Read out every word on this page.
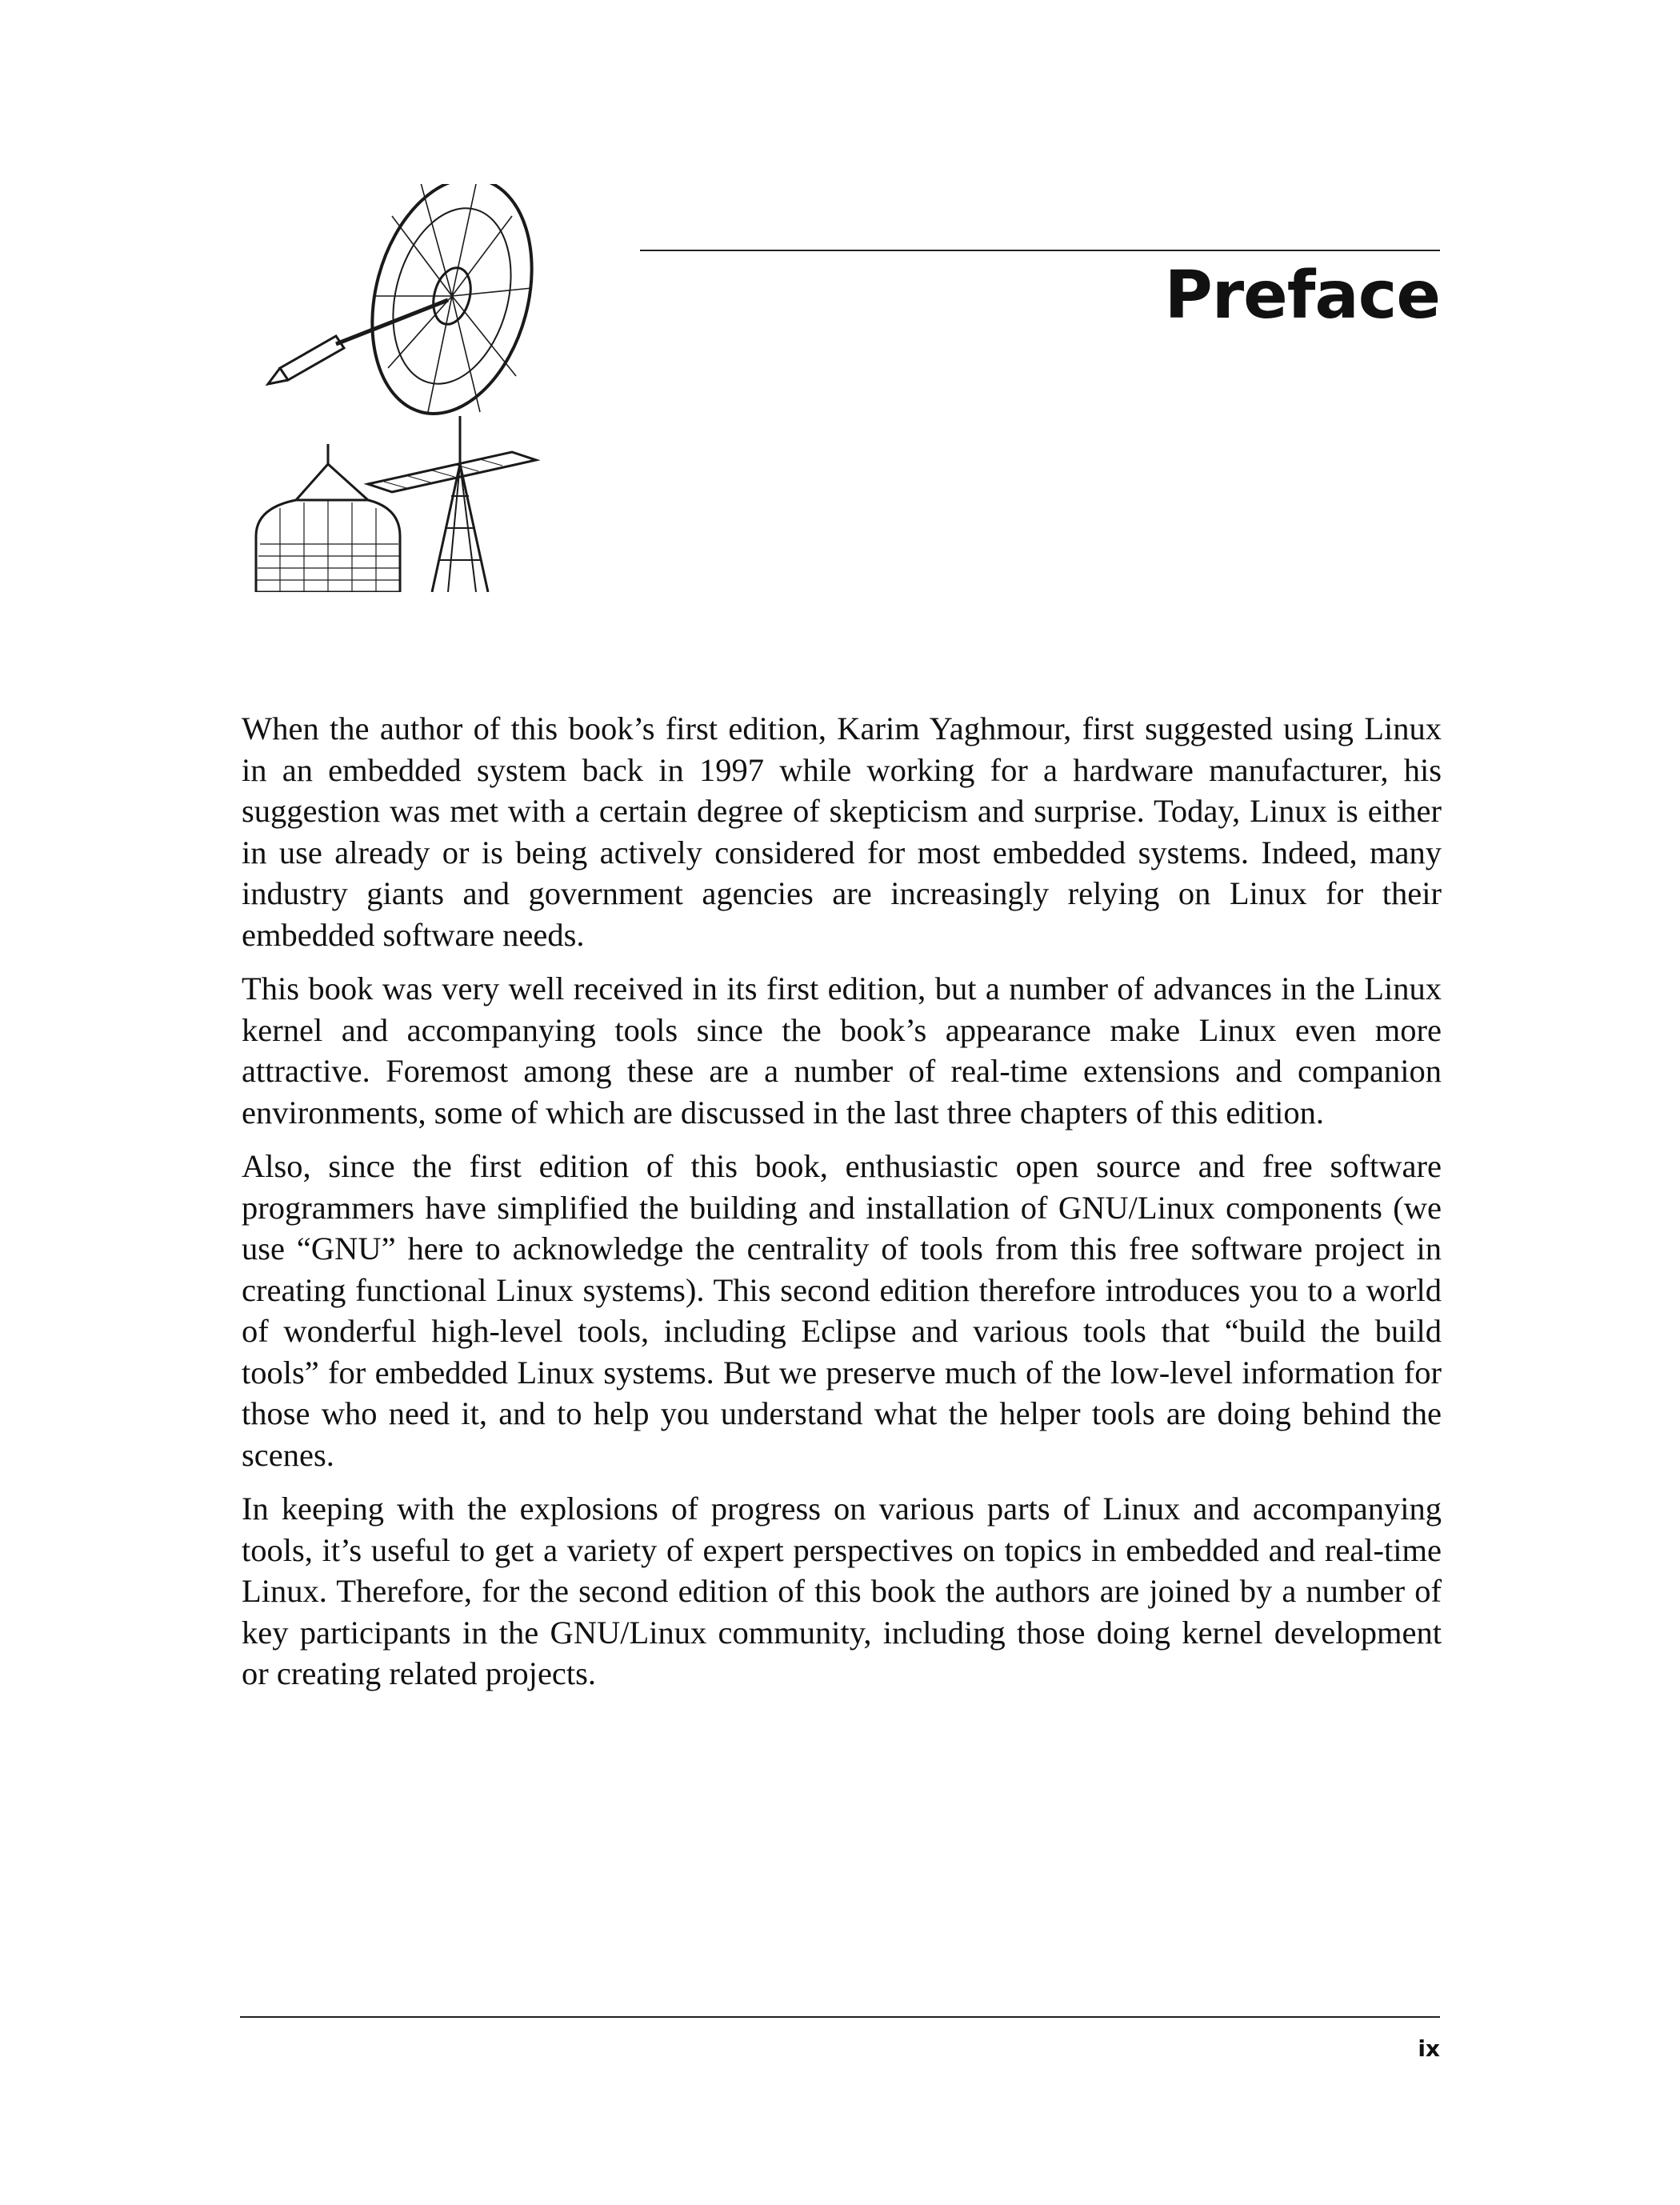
Preface

When the author of this book’s first edition, Karim Yaghmour, first suggested using Linux in an embedded system back in 1997 while working for a hardware manufacturer, his suggestion was met with a certain degree of skepticism and surprise. Today, Linux is either in use already or is being actively considered for most embedded systems. Indeed, many industry giants and government agencies are increasingly relying on Linux for their embedded software needs.

This book was very well received in its first edition, but a number of advances in the Linux kernel and accompanying tools since the book’s appearance make Linux even more attractive. Foremost among these are a number of real-time extensions and companion environments, some of which are discussed in the last three chapters of this edition.

Also, since the first edition of this book, enthusiastic open source and free software programmers have simplified the building and installation of GNU/Linux components (we use “GNU” here to acknowledge the centrality of tools from this free software project in creating functional Linux systems). This second edition therefore introduces you to a world of wonderful high-level tools, including Eclipse and various tools that “build the build tools” for embedded Linux systems. But we preserve much of the low-level information for those who need it, and to help you understand what the helper tools are doing behind the scenes.

In keeping with the explosions of progress on various parts of Linux and accompanying tools, it’s useful to get a variety of expert perspectives on topics in embedded and real-time Linux. Therefore, for the second edition of this book the authors are joined by a number of key participants in the GNU/Linux community, including those doing kernel development or creating related projects.

ix
